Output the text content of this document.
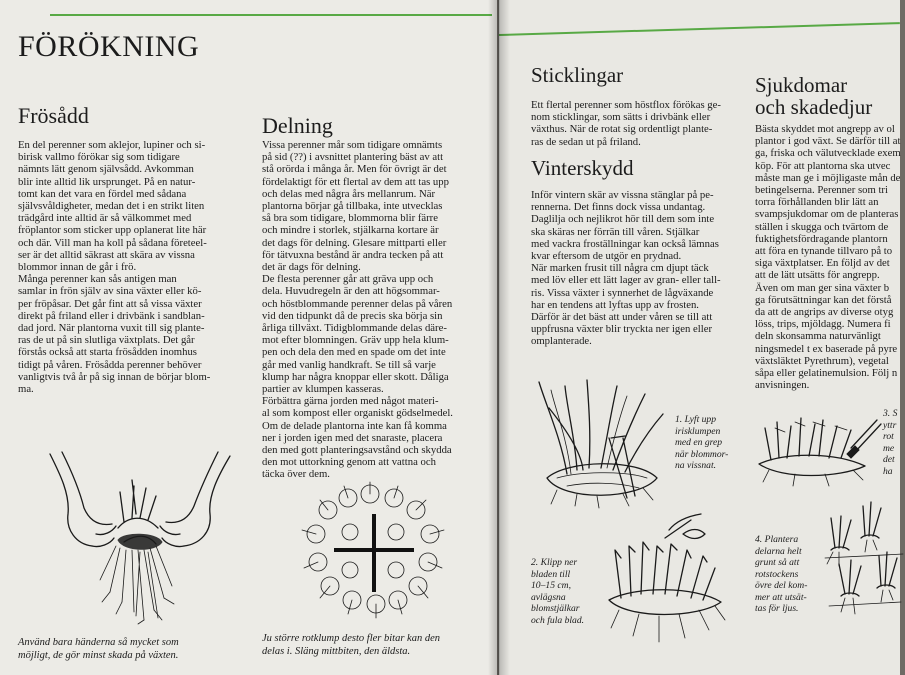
FÖRÖKNING
Frösådd

En del perenner som aklejor, lupiner och si-
birisk vallmo förökar sig som tidigare
nämnts lätt genom självsådd. Avkomman
blir inte alltid lik ursprunget. På en natur-
tomt kan det vara en fördel med sådana
självsvåldigheter, medan det i en strikt liten
trädgård inte alltid är så välkommet med
fröplantor som sticker upp oplanerat lite här
och där. Vill man ha koll på sådana företeel-
ser är det alltid säkrast att skära av vissna
blommor innan de går i frö.
Många perenner kan sås antigen man
samlar in frön själv av sina växter eller kö-
per fröpåsar. Det går fint att så vissa växter
direkt på friland eller i drivbänk i sandblan-
dad jord. När plantorna vuxit till sig plante-
ras de ut på sin slutliga växtplats. Det går
förstås också att starta frösådden inomhus
tidigt på våren. Frösådda perenner behöver
vanligtvis två år på sig innan de börjar blom-
ma.

Använd bara händerna så mycket som
möjligt, de gör minst skada på växten.

Delning

Vissa perenner mår som tidigare omnämts
på sid (??) i avsnittet plantering bäst av att
stå orörda i många år. Men för övrigt är det
fördelaktigt för ett flertal av dem att tas upp
och delas med några års mellanrum. När
plantorna börjar gå tillbaka, inte utvecklas
så bra som tidigare, blommorna blir färre
och mindre i storlek, stjälkarna kortare är
det dags för delning. Glesare mittparti eller
för tätvuxna bestånd är andra tecken på att
det är dags för delning.
De flesta perenner går att gräva upp och
dela. Huvudregeln är den att högsommar-
och höstblommande perenner delas på våren
vid den tidpunkt då de precis ska börja sin
årliga tillväxt. Tidigblommande delas däre-
mot efter blomningen. Gräv upp hela klum-
pen och dela den med en spade om det inte
går med vanlig handkraft. Se till så varje
klump har några knoppar eller skott. Dåliga
partier av klumpen kasseras.
Förbättra gärna jorden med något materi-
al som kompost eller organiskt gödselmedel.
Om de delade plantorna inte kan få komma
ner i jorden igen med det snaraste, placera
den med gott planteringsavstånd och skydda
den mot uttorkning genom att vattna och
täcka över dem.

Ju större rotklump desto fler bitar kan den
delas i. Släng mittbiten, den äldsta.

Sticklingar

Ett flertal perenner som höstflox förökas ge-
nom sticklingar, som sätts i drivbänk eller
växthus. När de rotat sig ordentligt plante-
ras de sedan ut på friland.

Vinterskydd

Inför vintern skär av vissna stänglar på pe-
rennerna. Det finns dock vissa undantag.
Daglilja och nejlikrot hör till dem som inte
ska skäras ner förrän till våren. Stjälkar
med vackra froställningar kan också lämnas
kvar eftersom de utgör en prydnad.
När marken frusit till några cm djupt täck
med löv eller ett lätt lager av gran- eller tall-
ris. Vissa växter i synnerhet de lågväxande
har en tendens att lyftas upp av frosten.
Därför är det bäst att under våren se till att
uppfrusna växter blir tryckta ner igen eller
omplanterade.

Sjukdomar
och skadedjur

Bästa skyddet mot angrepp av ol
plantor i god växt. Se därför till at
ga, friska och välutvecklade exem
köp. För att plantorna ska utvec
måste man ge i möjligaste mån de
betingelserna. Perenner som tri
torra förhållanden blir lätt an
svampsjukdomar om de planteras
ställen i skugga och tvärtom de
fuktighetsfördragande plantorn
att föra en tynande tillvaro på to
siga växtplatser. En följd av det
att de lätt utsätts för angrepp.
Även om man ger sina växter b
ga förutsättningar kan det förstå
da att de angrips av diverse otyg
löss, trips, mjöldagg. Numera fi
deln skonsamma naturvänligt
ningsmedel t ex baserade på pyre
växtsläktet Pyrethrum), vegetal
såpa eller gelatinemulsion. Följ n
anvisningen.

1. Lyft upp
irisklumpen
med en grep
när blommor-
na vissnat.

3. S
yttr
rot
me
det
ha

2. Klipp ner
bladen till
10–15 cm,
avlägsna
blomstjälkar
och fula blad.

4. Plantera
delarna helt
grunt så att
rotstockens
övre del kom-
mer att utsät-
tas för ljus.
